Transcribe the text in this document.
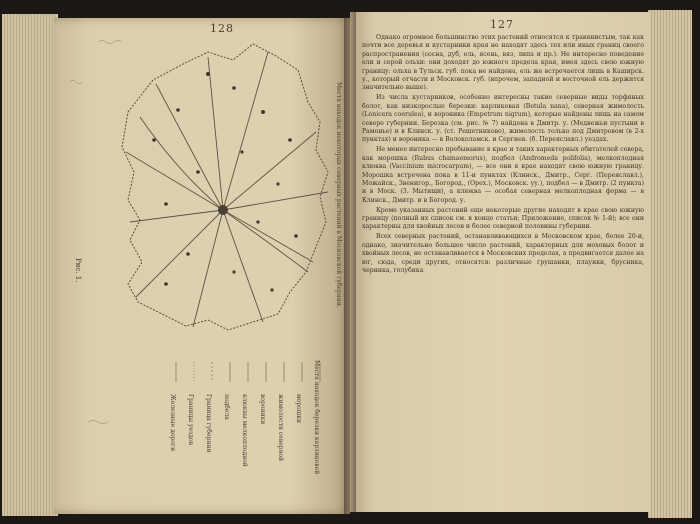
128	127
Рис. 1.	Места находок некоторых северных растений в Московской губернии.
Места находок березки карликовой
морошки
жимолости северной
вороники
клюквы мелкоплодной
подбела
Граница губернии
Границы уездов
Железные дороги

Однако огромное большинство этих растений относятся к травянистым, так как почти все деревья и кустарники края не находят здесь тех или иных границ своего распространения (сосна, дуб, ель, ясень, вяз, липа и пр.). Не интересно поведение ели и серой ольхи: они доходят до южного предела края, имея здесь свою южную границу: ольха в Тульск. губ. пока не найдена, ель же встречается лишь в Каширск. у., который отчасти и Московск. губ. (впрочем, западной и восточной ель держится значительно выше).

Из числа кустарников, особенно интересны такие северные виды торфяных болот, как низкорослые березки: карликовая (Betula nana), северная жимолость (Lonicera coerulea), и вороника (Empetrum nigrum), которые найдены лишь на самом севере губернии. Березка (см. рис. № 7) найдена в Дмитр. у. (Медвежьи пустыни в Рамонье) и в Клинск. у. (ст. Решетниково), жимолость только под Дмитровом (в 2-х пунктах) и вороника — в Волоколамск. и Сергиев. (б. Переяславл.) уездах.

Не менее интересно пребывание в крае и таких характерных обитателей севера, как морошка (Rubus chamaemorus), подбел (Andromeda polifolia), мелкоплодная клюква (Vaccinium microcarpum), — все они в крае находят свою южную границу. Морошка встречена пока в 11-и пунктах (Клинск., Дмитр., Серг. (Переяславл.), Можайск., Звенигор., Богород., (Орех.), Московск. уу.), подбел — в Дмитр. (2 пункта) и в Моск. (3. Мытищи), а клюква — особая северная мелкоплодная форма — в Клинск., Дмитр. и в Богород. у.

Кроме указанных растений еще некоторые другие находят в крае свою южную границу (полный их список см. в конце статьи; Приложение, список № 1-й); все они характерны для хвойных лесов и более северной половины губернии.

Всех северных растений, останавливающихся в Московском крае, более 20-и, однако, значительно большее число растений, характерных для моховых болот и хвойных лесов, не останавливается в Московских пределах, а продвигается далее на юг, сюда, среди других, относятся: различные грушанки, плаунки, брусника, черника, голубика
